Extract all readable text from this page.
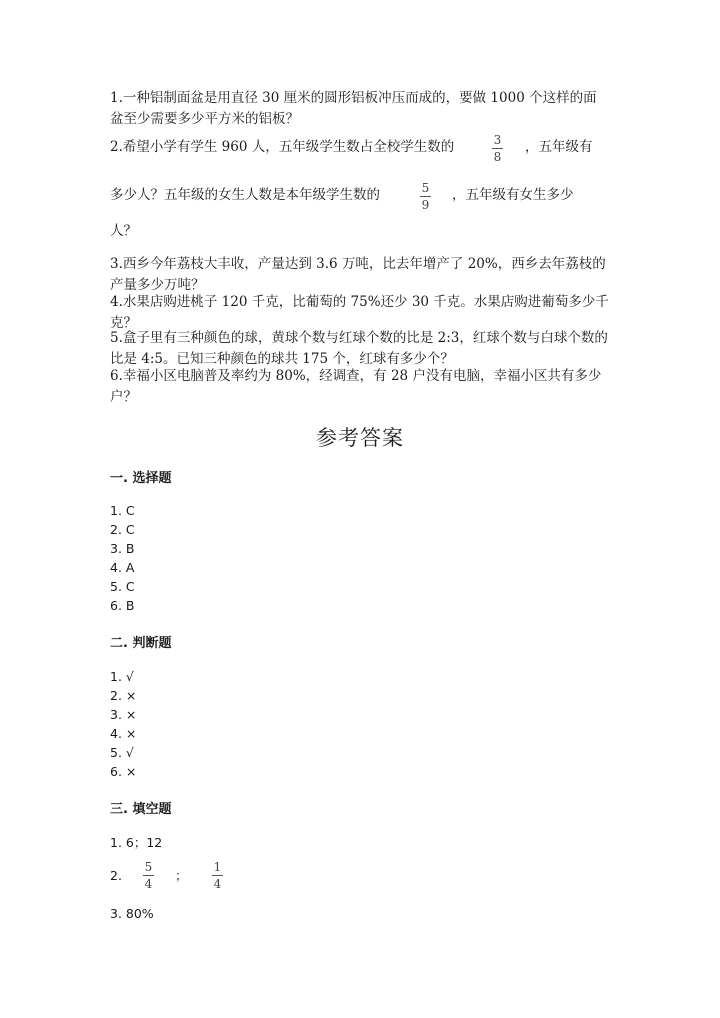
1.一种铝制面盆是用直径 30 厘米的圆形铝板冲压而成的，要做 1000 个这样的面盆至少需要多少平方米的铝板？
2.希望小学有学生 960 人，五年级学生数占全校学生数的	3
8
，五年级有
多少人？五年级的女生人数是本年级学生数的	5
9
，五年级有女生多少
人？
3.西乡今年荔枝大丰收，产量达到 3.6 万吨，比去年增产了 20%，西乡去年荔枝的产量多少万吨？
4.水果店购进桃子 120 千克，比葡萄的 75%还少 30 千克。水果店购进葡萄多少千克？
5.盒子里有三种颜色的球，黄球个数与红球个数的比是 2:3，红球个数与白球个数的比是 4:5。已知三种颜色的球共 175 个，红球有多少个？
6.幸福小区电脑普及率约为 80%，经调查，有 28 户没有电脑，幸福小区共有多少户？
参考答案
一. 选择题
1. C
2. C
3. B
4. A
5. C
6. B
二. 判断题
1. √
2. ×
3. ×
4. ×
5. √
6. ×
三. 填空题
1. 6；12
2.
5
4
；
1
4
3. 80%
